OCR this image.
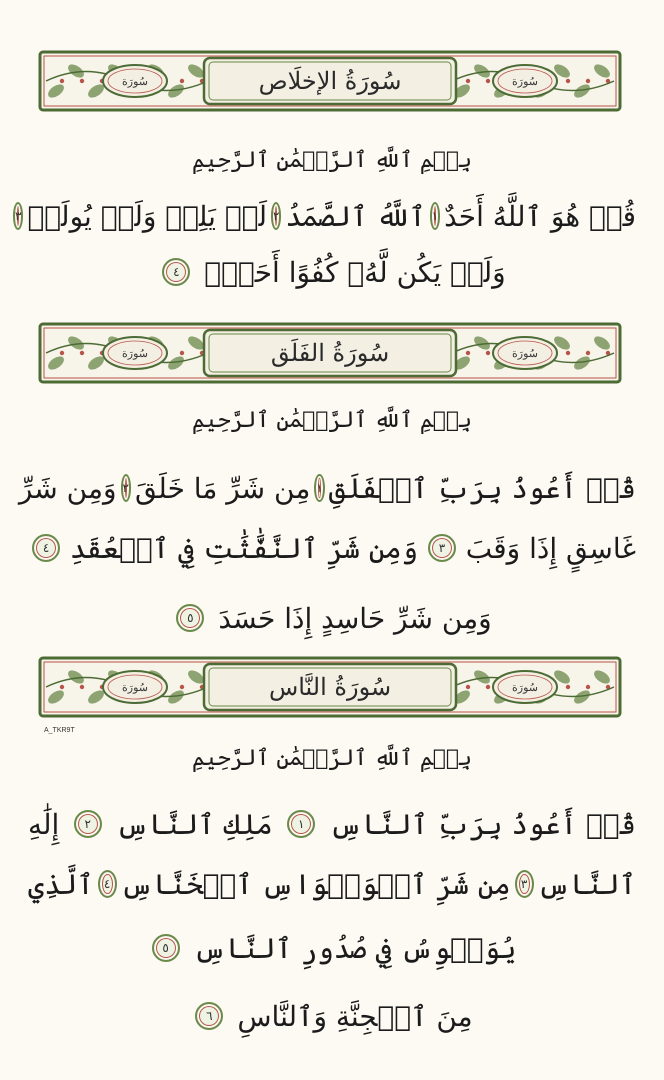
سُورَة	سُورَةُ الإخلَاص	سُورَة
بِسۡمِ ٱللَّهِ ٱلرَّحۡمَٰنِ ٱلرَّحِيمِ
قُلۡ هُوَ ٱللَّهُ أَحَدٌ
١
ٱللَّهُ ٱلصَّمَدُ
٢
لَمۡ يَلِدۡ وَلَمۡ يُولَدۡ
٣
وَلَمۡ يَكُن لَّهُۥ كُفُوًا أَحَدُۢ
٤
سُورَة	سُورَةُ الفَلَق	سُورَة
بِسۡمِ ٱللَّهِ ٱلرَّحۡمَٰنِ ٱلرَّحِيمِ
قُلۡ أَعُوذُ بِرَبِّ ٱلۡفَلَقِ
١
مِن شَرِّ مَا خَلَقَ
٢
وَمِن شَرِّ
غَاسِقٍ إِذَا وَقَبَ
٣
وَمِن شَرِّ ٱلنَّفَّٰثَٰتِ فِي ٱلۡعُقَدِ
٤
وَمِن شَرِّ حَاسِدٍ إِذَا حَسَدَ
٥
سُورَة	سُورَةُ النَّاس	سُورَة
A_TKR9T
بِسۡمِ ٱللَّهِ ٱلرَّحۡمَٰنِ ٱلرَّحِيمِ
قُلۡ أَعُوذُ بِرَبِّ ٱلنَّاسِ
١
مَلِكِ ٱلنَّاسِ
٢
إِلَٰهِ
ٱلنَّاسِ
٣
مِن شَرِّ ٱلۡوَسۡوَاسِ ٱلۡخَنَّاسِ
٤
ٱلَّذِي
يُوَسۡوِسُ فِي صُدُورِ ٱلنَّاسِ
٥
مِنَ ٱلۡجِنَّةِ وَٱلنَّاسِ
٦
